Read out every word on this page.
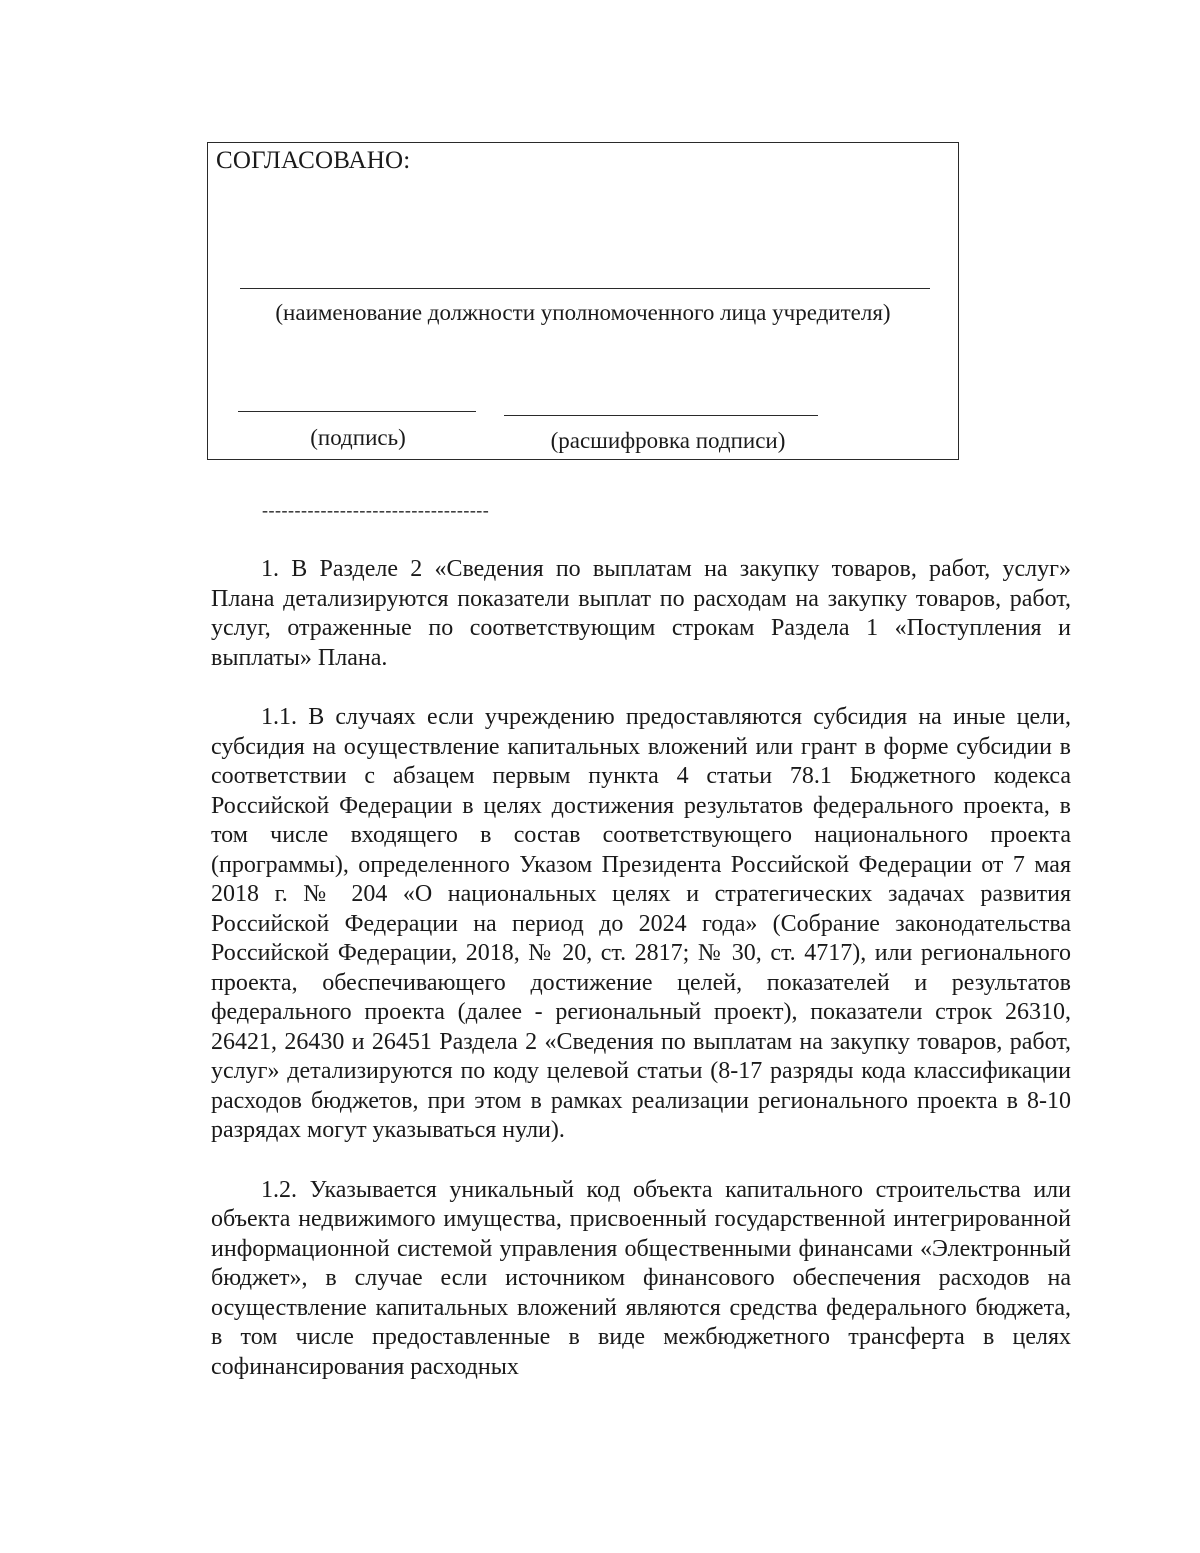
СОГЛАСОВАНО:
(наименование должности уполномоченного лица учредителя)
(подпись)	(расшифровка подписи)
-----------------------------------

1. В Разделе 2 «Сведения по выплатам на закупку товаров, работ, услуг» Плана детализируются показатели выплат по расходам на закупку товаров, работ, услуг, отраженные по соответствующим строкам Раздела 1 «Поступления и выплаты» Плана.

1.1. В случаях если учреждению предоставляются субсидия на иные цели, субсидия на осуществление капитальных вложений или грант в форме субсидии в соответствии с абзацем первым пункта 4 статьи 78.1 Бюджетного кодекса Российской Федерации в целях достижения результатов федерального проекта, в том числе входящего в состав соответствующего национального проекта (программы), определенного Указом Президента Российской Федерации от 7 мая 2018 г. № 204 «О национальных целях и стратегических задачах развития Российской Федерации на период до 2024 года» (Собрание законодательства Российской Федерации, 2018, № 20, ст. 2817; № 30, ст. 4717), или регионального проекта, обеспечивающего достижение целей, показателей и результатов федерального проекта (далее - региональный проект), показатели строк 26310, 26421, 26430 и 26451 Раздела 2 «Сведения по выплатам на закупку товаров, работ, услуг» детализируются по коду целевой статьи (8-17 разряды кода классификации расходов бюджетов, при этом в рамках реализации регионального проекта в 8-10 разрядах могут указываться нули).

1.2. Указывается уникальный код объекта капитального строительства или объекта недвижимого имущества, присвоенный государственной интегрированной информационной системой управления общественными финансами «Электронный бюджет», в случае если источником финансового обеспечения расходов на осуществление капитальных вложений являются средства федерального бюджета, в том числе предоставленные в виде межбюджетного трансферта в целях софинансирования расходных
